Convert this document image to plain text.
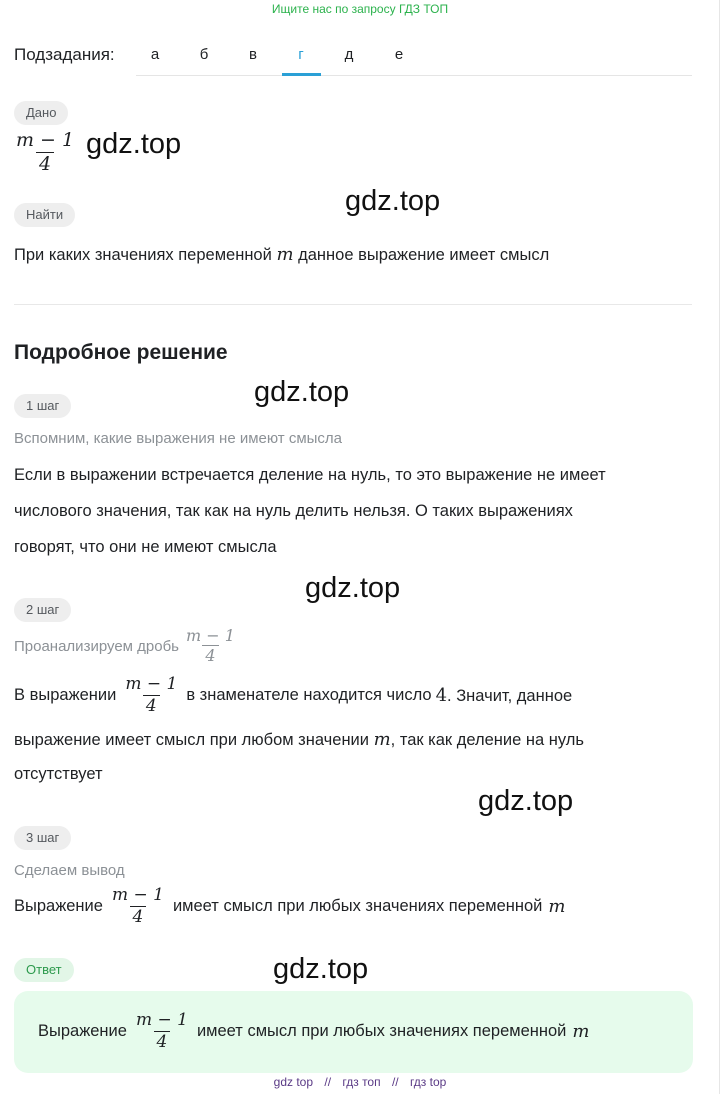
Ищите нас по запросу ГДЗ ТОП
Подзадания:	а	б	в	г	д	е
Дано
$\frac{m - 1}{4} gdz.top$
Найти	gdz.top
При каких значениях переменной m данное выражение имеет смысл
Подробное решение
gdz.top
1 шаг
Вспомним, какие выражения не имеют смысла
Если в выражении встречается деление на нуль, то это выражение не имеет
числового значения, так как на нуль делить нельзя. О таких выражениях
говорят, что они не имеют смысла
gdz.top
2 шаг
Проанализируем дробь $\frac{m - 1}{4}$
В выражении $\frac{m - 1}{4}$ в знаменателе находится число 4. Значит, данное
выражение имеет смысл при любом значении m, так как деление на нуль
отсутствует
gdz.top
3 шаг
Сделаем вывод
Выражение $\frac{m - 1}{4}$ имеет смысл при любых значениях переменной m
Ответ	gdz.top
Выражение $\frac{m - 1}{4}$ имеет смысл при любых значениях переменной m
gdz top // гдз топ // гдз top
